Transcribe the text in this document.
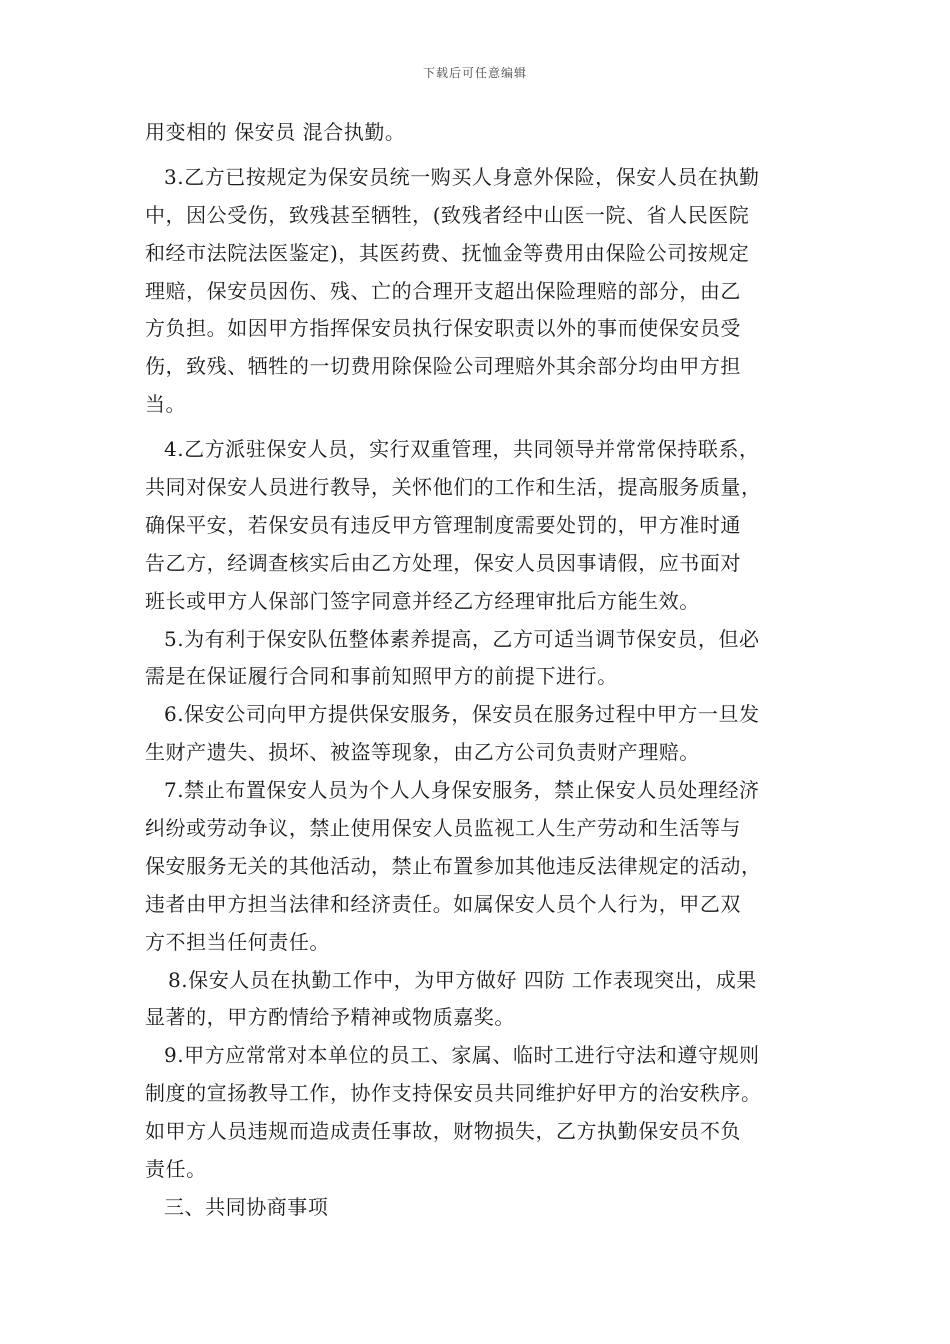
下载后可任意编辑
用变相的 保安员 混合执勤。
3.乙方已按规定为保安员统一购买人身意外保险，保安人员在执勤
中，因公受伤，致残甚至牺牲，(致残者经中山医一院、省人民医院
和经市法院法医鉴定)，其医药费、抚恤金等费用由保险公司按规定
理赔，保安员因伤、残、亡的合理开支超出保险理赔的部分，由乙
方负担。如因甲方指挥保安员执行保安职责以外的事而使保安员受
伤，致残、牺牲的一切费用除保险公司理赔外其余部分均由甲方担
当。
4.乙方派驻保安人员，实行双重管理，共同领导并常常保持联系，
共同对保安人员进行教导，关怀他们的工作和生活，提高服务质量，
确保平安，若保安员有违反甲方管理制度需要处罚的，甲方准时通
告乙方，经调查核实后由乙方处理，保安人员因事请假，应书面对
班长或甲方人保部门签字同意并经乙方经理审批后方能生效。
5.为有利于保安队伍整体素养提高，乙方可适当调节保安员，但必
需是在保证履行合同和事前知照甲方的前提下进行。
6.保安公司向甲方提供保安服务，保安员在服务过程中甲方一旦发
生财产遗失、损坏、被盗等现象，由乙方公司负责财产理赔。
7.禁止布置保安人员为个人人身保安服务，禁止保安人员处理经济
纠纷或劳动争议，禁止使用保安人员监视工人生产劳动和生活等与
保安服务无关的其他活动，禁止布置参加其他违反法律规定的活动，
违者由甲方担当法律和经济责任。如属保安人员个人行为，甲乙双
方不担当任何责任。
8.保安人员在执勤工作中，为甲方做好 四防 工作表现突出，成果
显著的，甲方酌情给予精神或物质嘉奖。
9.甲方应常常对本单位的员工、家属、临时工进行守法和遵守规则
制度的宣扬教导工作，协作支持保安员共同维护好甲方的治安秩序。
如甲方人员违规而造成责任事故，财物损失，乙方执勤保安员不负
责任。
三、共同协商事项
